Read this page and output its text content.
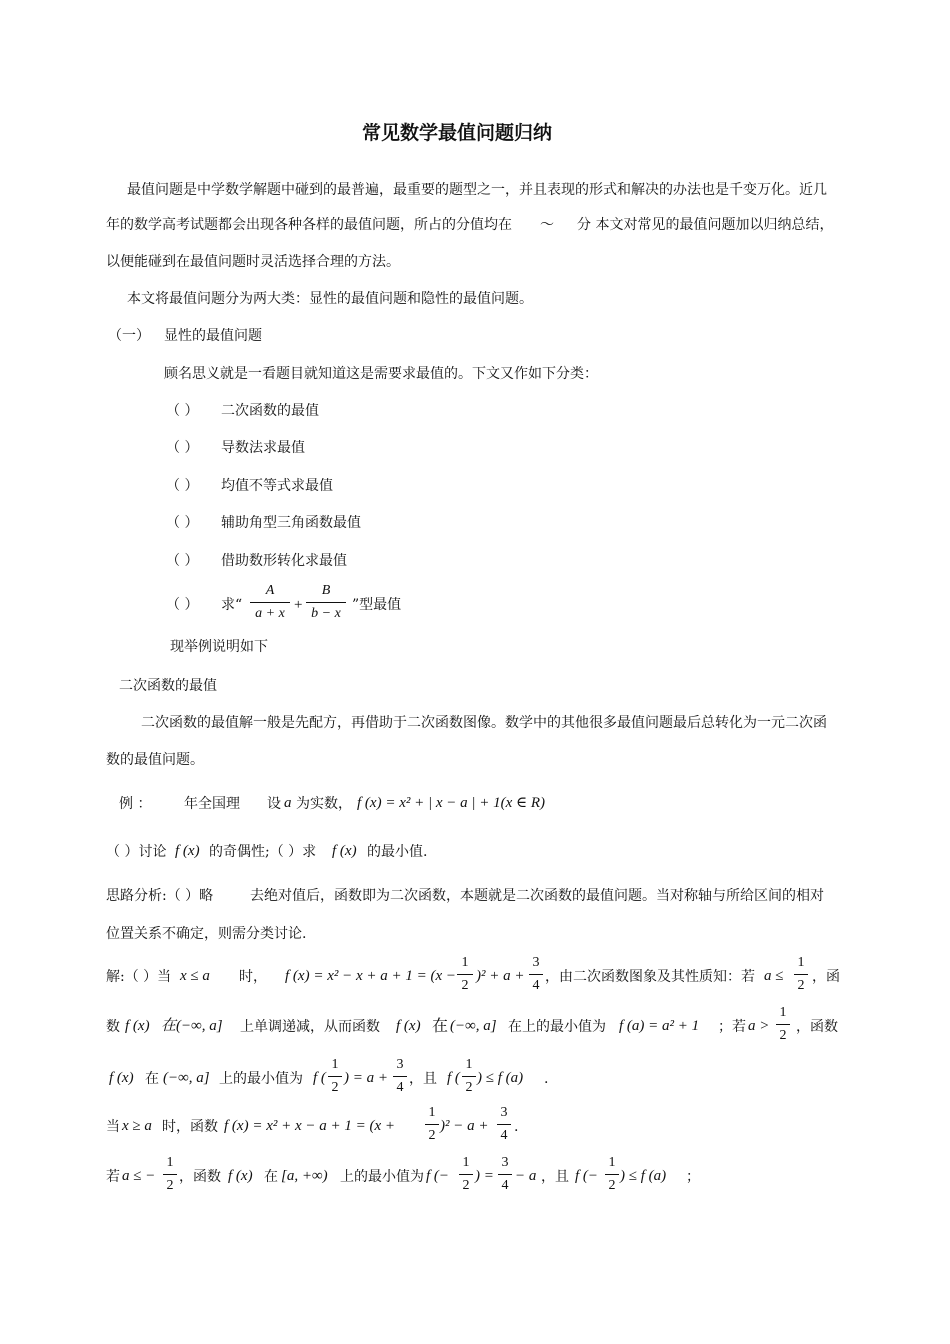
常见数学最值问题归纳
最值问题是中学数学解题中碰到的最普遍，最重要的题型之一，并且表现的形式和解决的办法也是千变万化。近几
年的数学高考试题都会出现各种各样的最值问题，所占的分值均在 ～ 分 本文对常见的最值问题加以归纳总结，
以便能碰到在最值问题时灵活选择合理的方法。
本文将最值问题分为两大类：显性的最值问题和隐性的最值问题。
（一） 显性的最值问题
顾名思义就是一看题目就知道这是需要求最值的。下文又作如下分类：
（ ） 二次函数的最值
（ ） 导数法求最值
（ ） 均值不等式求最值
（ ） 辅助角型三角函数最值
（ ） 借助数形转化求最值
（ ） 求“
A
a + x
+
B
b − x
”型最值
现举例说明如下
二次函数的最值
二次函数的最值解一般是先配方，再借助于二次函数图像。数学中的其他很多最值问题最后总转化为一元二次函
数的最值问题。
例 ： 年全国理 设 a 为实数， f (x) = x² + | x − a | + 1(x ∈ R)
（ ）讨论 f (x) 的奇偶性;（ ）求 f (x) 的最小值.
思路分析:（ ）略	去绝对值后，函数即为二次函数，本题就是二次函数的最值问题。当对称轴与所给区间的相对
位置关系不确定，则需分类讨论.
解:（ ）当 x ≤ a 时， f (x) = x² − x + a + 1 = (x −
1
2
)² + a +
3
4
，由二次函数图象及其性质知：若 a ≤
1
2
，函
数 f (x) 在(−∞, a] 上单调递减，从而函数 f (x) 在 (−∞, a] 在上的最小值为 f (a) = a² + 1 ；若 a >
1
2
，函数
f (x) 在 (−∞, a] 上的最小值为 f (
1
2
) = a +
3
4
，且 f (
1
2
) ≤ f (a) .
当 x ≥ a 时，函数 f (x) = x² + x − a + 1 = (x +
1
2
)² − a +
3
4
.
若 a ≤ −
1
2
，函数 f (x) 在 [a, +∞) 上的最小值为 f (−
1
2
) =
3
4
− a ，且 f (−
1
2
) ≤ f (a) ；
